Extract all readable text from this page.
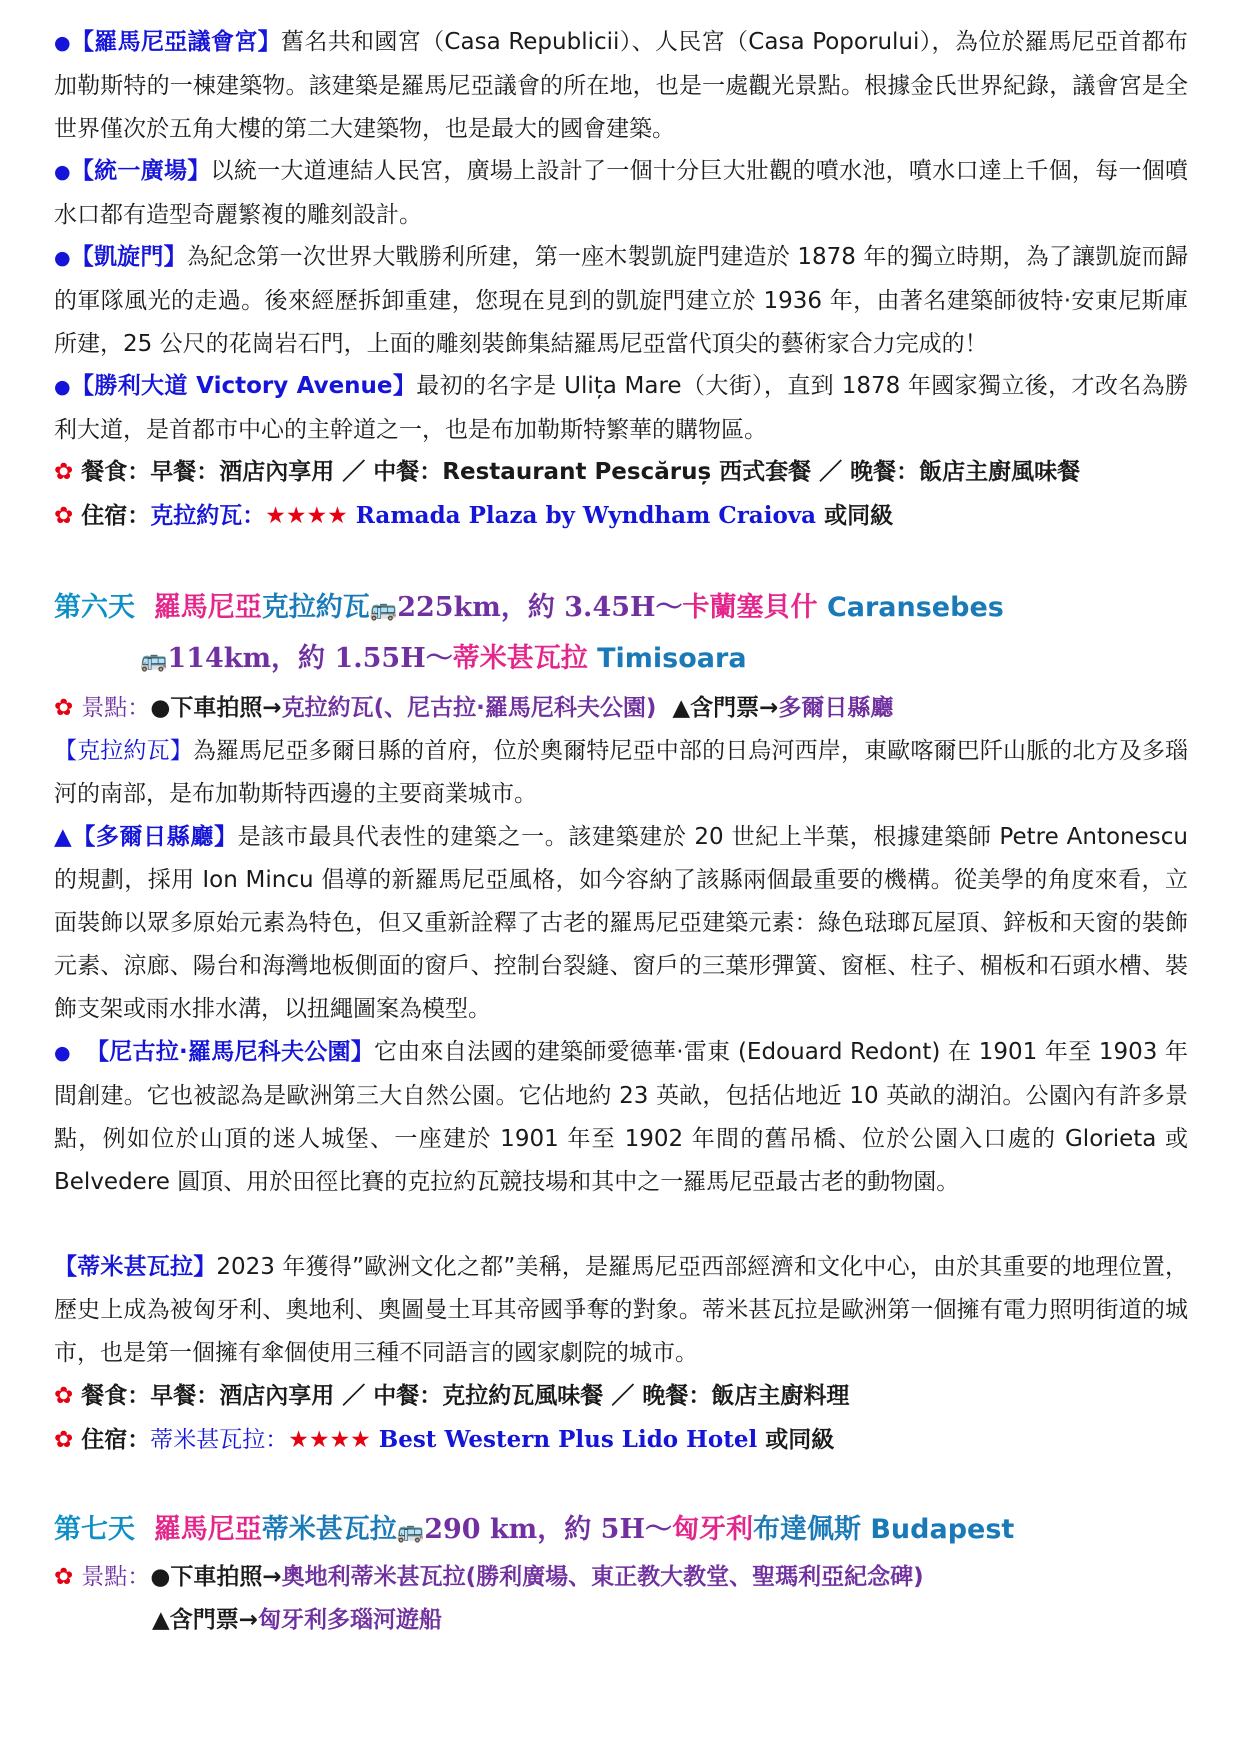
●【羅馬尼亞議會宮】舊名共和國宮（Casa Republicii）、人民宮（Casa Poporului），為位於羅馬尼亞首都布加勒斯特的一棟建築物。該建築是羅馬尼亞議會的所在地，也是一處觀光景點。根據金氏世界紀錄，議會宮是全世界僅次於五角大樓的第二大建築物，也是最大的國會建築。

●【統一廣場】以統一大道連結人民宮，廣場上設計了一個十分巨大壯觀的噴水池，噴水口達上千個，每一個噴水口都有造型奇麗繁複的雕刻設計。

●【凱旋門】為紀念第一次世界大戰勝利所建，第一座木製凱旋門建造於 1878 年的獨立時期，為了讓凱旋而歸的軍隊風光的走過。後來經歷拆卸重建，您現在見到的凱旋門建立於 1936 年，由著名建築師彼特·安東尼斯庫所建，25 公尺的花崗岩石門，上面的雕刻裝飾集結羅馬尼亞當代頂尖的藝術家合力完成的！

●【勝利大道 Victory Avenue】最初的名字是 Ulița Mare（大街），直到 1878 年國家獨立後，才改名為勝利大道，是首都市中心的主幹道之一，也是布加勒斯特繁華的購物區。

✿ 餐食：早餐：酒店內享用 ／ 中餐：Restaurant Pescăruș 西式套餐 ／ 晚餐：飯店主廚風味餐

✿ 住宿：克拉約瓦：★★★★ Ramada Plaza by Wyndham Craiova 或同級

第六天 羅馬尼亞克拉約瓦🚌225km，約 3.45H～卡蘭塞貝什 Caransebes
🚌114km，約 1.55H～蒂米甚瓦拉 Timisoara

✿ 景點：●下車拍照→克拉約瓦(、尼古拉·羅馬尼科夫公園) ▲含門票→多爾日縣廳

【克拉約瓦】為羅馬尼亞多爾日縣的首府，位於奧爾特尼亞中部的日烏河西岸，東歐喀爾巴阡山脈的北方及多瑙河的南部，是布加勒斯特西邊的主要商業城市。

▲【多爾日縣廳】是該市最具代表性的建築之一。該建築建於 20 世紀上半葉，根據建築師 Petre Antonescu 的規劃，採用 Ion Mincu 倡導的新羅馬尼亞風格，如今容納了該縣兩個最重要的機構。從美學的角度來看，立面裝飾以眾多原始元素為特色，但又重新詮釋了古老的羅馬尼亞建築元素：綠色琺瑯瓦屋頂、鋅板和天窗的裝飾元素、涼廊、陽台和海灣地板側面的窗戶、控制台裂縫、窗戶的三葉形彈簧、窗框、柱子、楣板和石頭水槽、裝飾支架或雨水排水溝，以扭繩圖案為模型。

● 【尼古拉·羅馬尼科夫公園】它由來自法國的建築師愛德華·雷東 (Edouard Redont) 在 1901 年至 1903 年間創建。它也被認為是歐洲第三大自然公園。它佔地約 23 英畝，包括佔地近 10 英畝的湖泊。公園內有許多景點，例如位於山頂的迷人城堡、一座建於 1901 年至 1902 年間的舊吊橋、位於公園入口處的 Glorieta 或 Belvedere 圓頂、用於田徑比賽的克拉約瓦競技場和其中之一羅馬尼亞最古老的動物園。

【蒂米甚瓦拉】2023 年獲得”歐洲文化之都”美稱，是羅馬尼亞西部經濟和文化中心，由於其重要的地理位置，歷史上成為被匈牙利、奧地利、奧圖曼土耳其帝國爭奪的對象。蒂米甚瓦拉是歐洲第一個擁有電力照明街道的城市，也是第一個擁有傘個使用三種不同語言的國家劇院的城市。

✿ 餐食：早餐：酒店內享用 ／ 中餐：克拉約瓦風味餐 ／ 晚餐：飯店主廚料理

✿ 住宿：蒂米甚瓦拉：★★★★ Best Western Plus Lido Hotel 或同級

第七天 羅馬尼亞蒂米甚瓦拉🚌290 km，約 5H～匈牙利布達佩斯 Budapest

✿ 景點：●下車拍照→奧地利蒂米甚瓦拉(勝利廣場、東正教大教堂、聖瑪利亞紀念碑)

▲含門票→匈牙利多瑙河遊船
